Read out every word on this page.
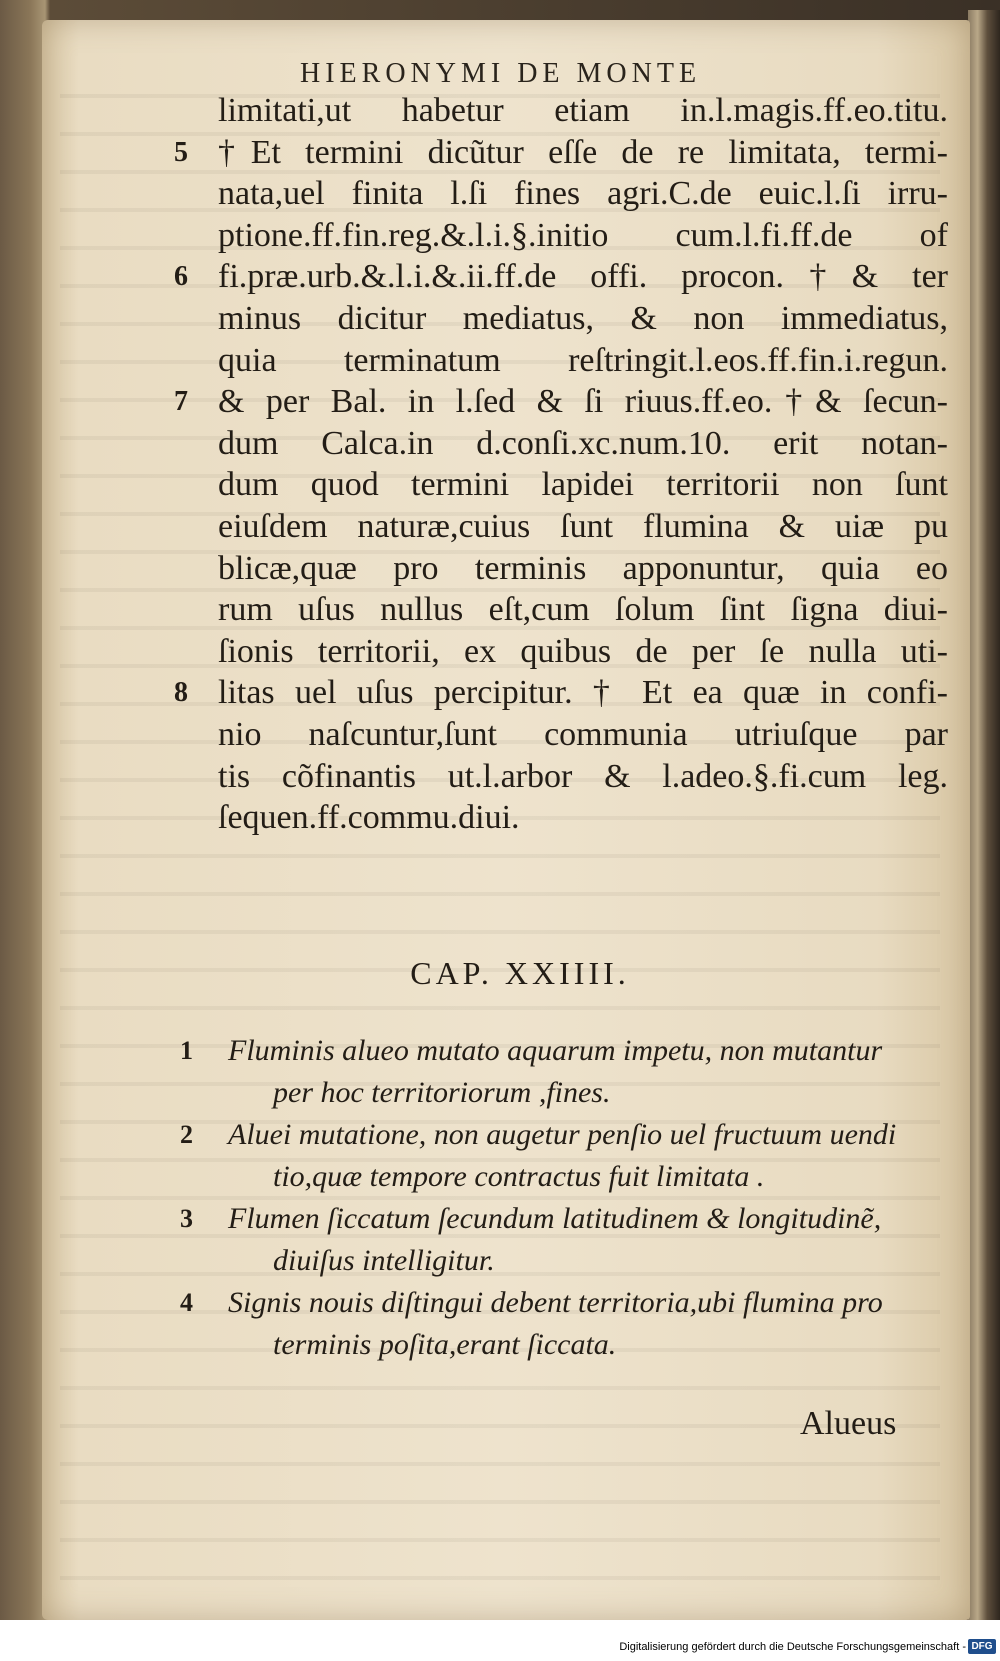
HIERONYMI DE MONTE
limitati,ut habetur etiam in.l.magis.ff.eo.titu.
†Et termini dicũtur eſſe de re limitata, termi‑
5
nata,uel finita l.ſi fines agri.C.de euic.l.ſi irru‑
ptione.ff.fin.reg.&.l.i.§.initio cum.l.fi.ff.de of
fi.præ.urb.&.l.i.&.ii.ff.de offi. procon.†& ter
6
minus dicitur mediatus, & non immediatus,
quia terminatum reſtringit.l.eos.ff.fin.i.regun.
& per Bal. in l.ſed & ſi riuus.ff.eo.†& ſecun‑
7
dum Calca.in d.conſi.xc.num.10. erit notan‑
dum quod termini lapidei territorii non ſunt
eiuſdem naturæ,cuius ſunt flumina & uiæ pu
blicæ,quæ pro terminis apponuntur, quia eo
rum uſus nullus eſt,cum ſolum ſint ſigna diui‑
ſionis territorii, ex quibus de per ſe nulla uti‑
litas uel uſus percipitur. † Et ea quæ in confi‑
8
nio naſcuntur,ſunt communia utriuſque par
tis cõfinantis ut.l.arbor & l.adeo.§.fi.cum leg.
ſequen.ff.commu.diui.
CAP. XXIIII.
1 Fluminis alueo mutato aquarum impetu, non mutantur
per hoc territoriorum ,fines.
2 Aluei mutatione, non augetur penſio uel fructuum uendi
tio,quæ tempore contractus fuit limitata .
3 Flumen ſiccatum ſecundum latitudinem & longitudinẽ,
diuiſus intelligitur.
4 Signis nouis diſtingui debent territoria,ubi flumina pro
terminis poſita,erant ſiccata.
Alueus
Digitalisierung gefördert durch die Deutsche Forschungsgemeinschaft - DFG
